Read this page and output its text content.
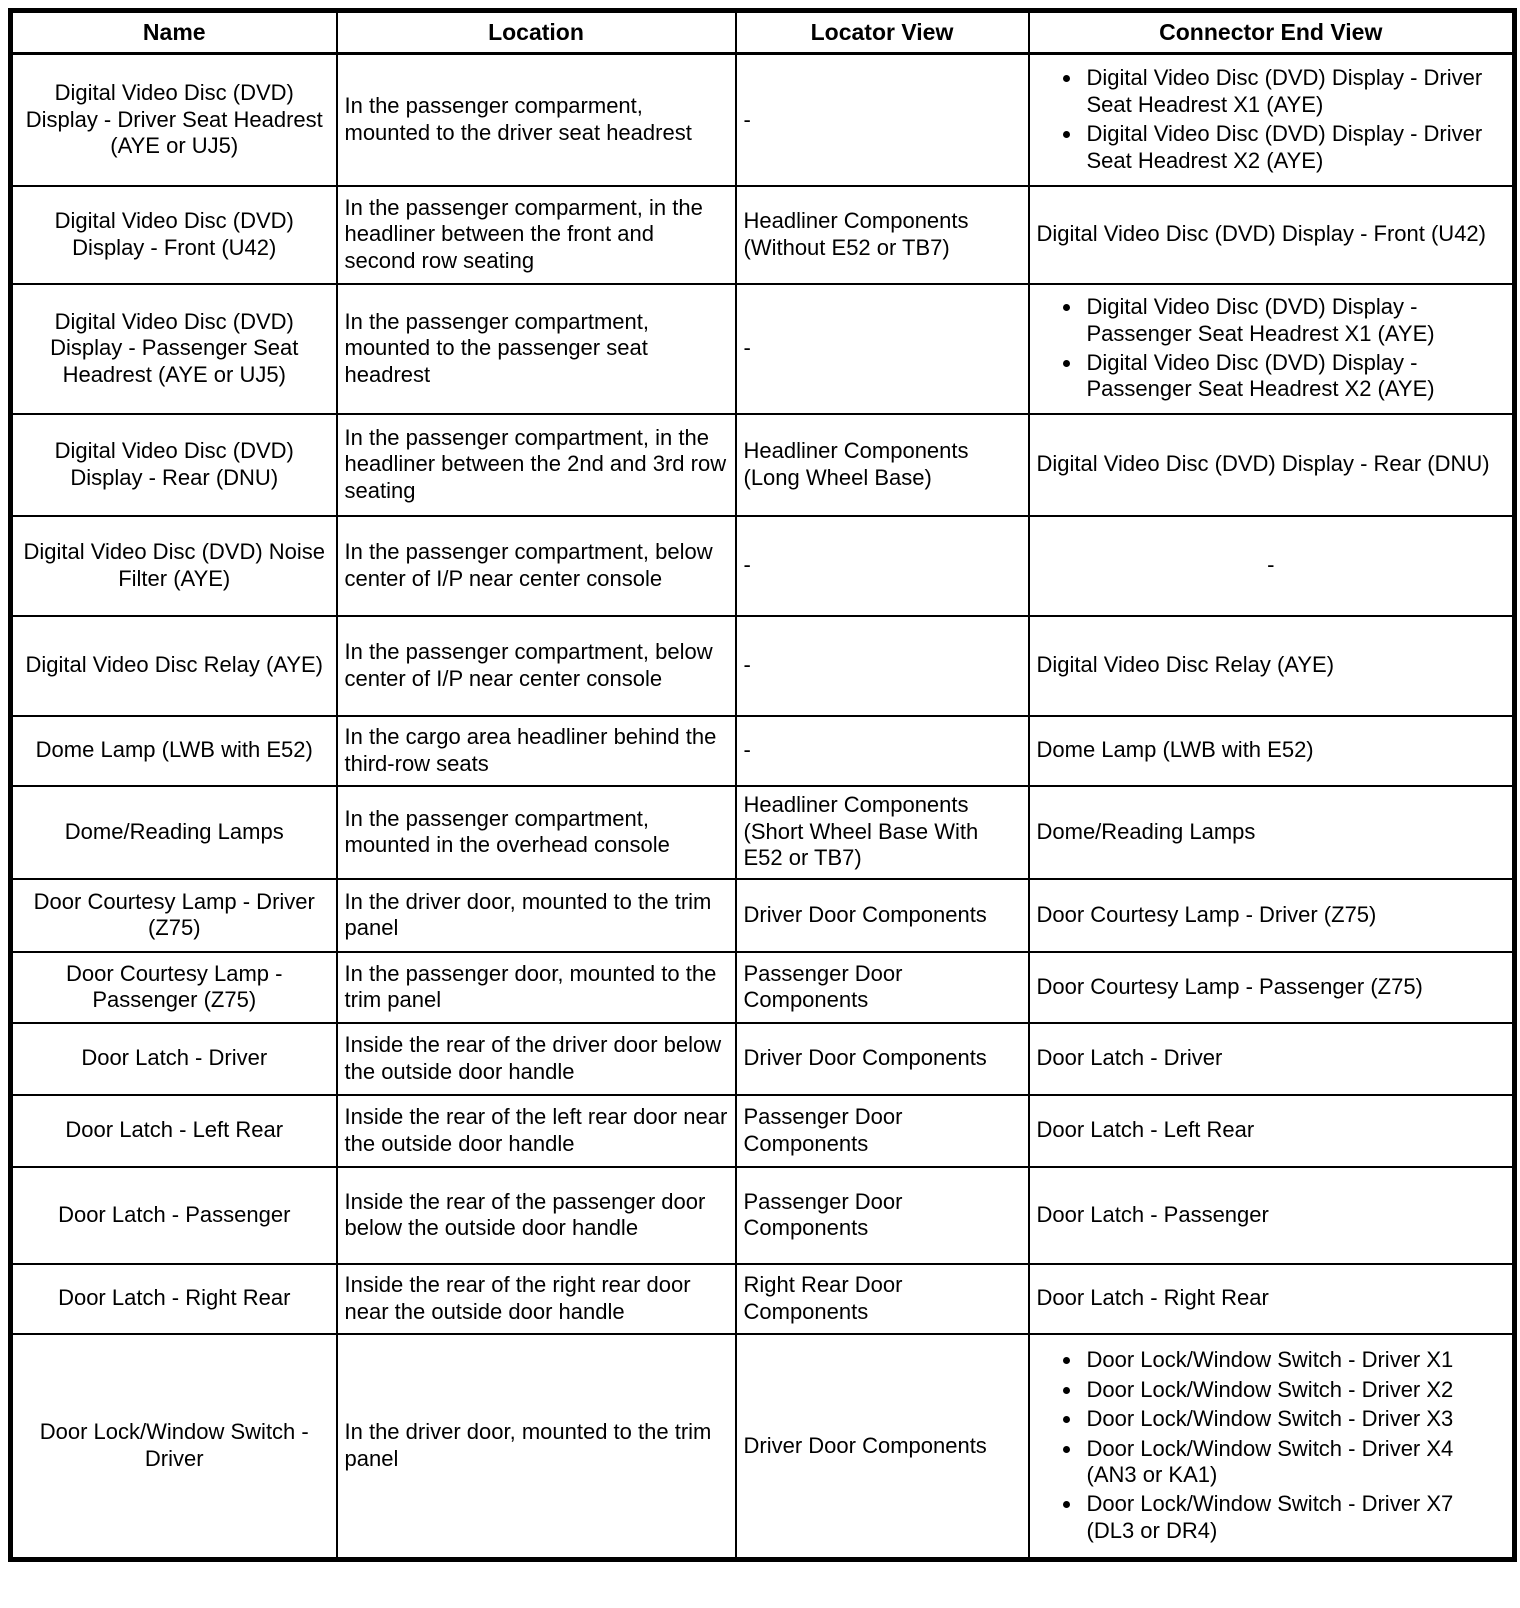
Name	Location	Locator View	Connector End View
Digital Video Disc (DVD) Display - Driver Seat Headrest (AYE or UJ5)	In the passenger comparment, mounted to the driver seat headrest	-	
• Digital Video Disc (DVD) Display - Driver Seat Headrest X1 (AYE)
• Digital Video Disc (DVD) Display - Driver Seat Headrest X2 (AYE)

Digital Video Disc (DVD) Display - Front (U42)	In the passenger comparment, in the headliner between the front and second row seating	Headliner Components (Without E52 or TB7)	Digital Video Disc (DVD) Display - Front (U42)
Digital Video Disc (DVD) Display - Passenger Seat Headrest (AYE or UJ5)	In the passenger compartment, mounted to the passenger seat headrest	-	
• Digital Video Disc (DVD) Display - Passenger Seat Headrest X1 (AYE)
• Digital Video Disc (DVD) Display - Passenger Seat Headrest X2 (AYE)

Digital Video Disc (DVD) Display - Rear (DNU)	In the passenger compartment, in the headliner between the 2nd and 3rd row seating	Headliner Components (Long Wheel Base)	Digital Video Disc (DVD) Display - Rear (DNU)
Digital Video Disc (DVD) Noise Filter (AYE)	In the passenger compartment, below center of I/P near center console	-	-
Digital Video Disc Relay (AYE)	In the passenger compartment, below center of I/P near center console	-	Digital Video Disc Relay (AYE)
Dome Lamp (LWB with E52)	In the cargo area headliner behind the third-row seats	-	Dome Lamp (LWB with E52)
Dome/Reading Lamps	In the passenger compartment, mounted in the overhead console	Headliner Components (Short Wheel Base With E52 or TB7)	Dome/Reading Lamps
Door Courtesy Lamp - Driver (Z75)	In the driver door, mounted to the trim panel	Driver Door Components	Door Courtesy Lamp - Driver (Z75)
Door Courtesy Lamp - Passenger (Z75)	In the passenger door, mounted to the trim panel	Passenger Door Components	Door Courtesy Lamp - Passenger (Z75)
Door Latch - Driver	Inside the rear of the driver door below the outside door handle	Driver Door Components	Door Latch - Driver
Door Latch - Left Rear	Inside the rear of the left rear door near the outside door handle	Passenger Door Components	Door Latch - Left Rear
Door Latch - Passenger	Inside the rear of the passenger door below the outside door handle	Passenger Door Components	Door Latch - Passenger
Door Latch - Right Rear	Inside the rear of the right rear door near the outside door handle	Right Rear Door Components	Door Latch - Right Rear
Door Lock/Window Switch - Driver	In the driver door, mounted to the trim panel	Driver Door Components	
• Door Lock/Window Switch - Driver X1
• Door Lock/Window Switch - Driver X2
• Door Lock/Window Switch - Driver X3
• Door Lock/Window Switch - Driver X4 (AN3 or KA1)
• Door Lock/Window Switch - Driver X7 (DL3 or DR4)
